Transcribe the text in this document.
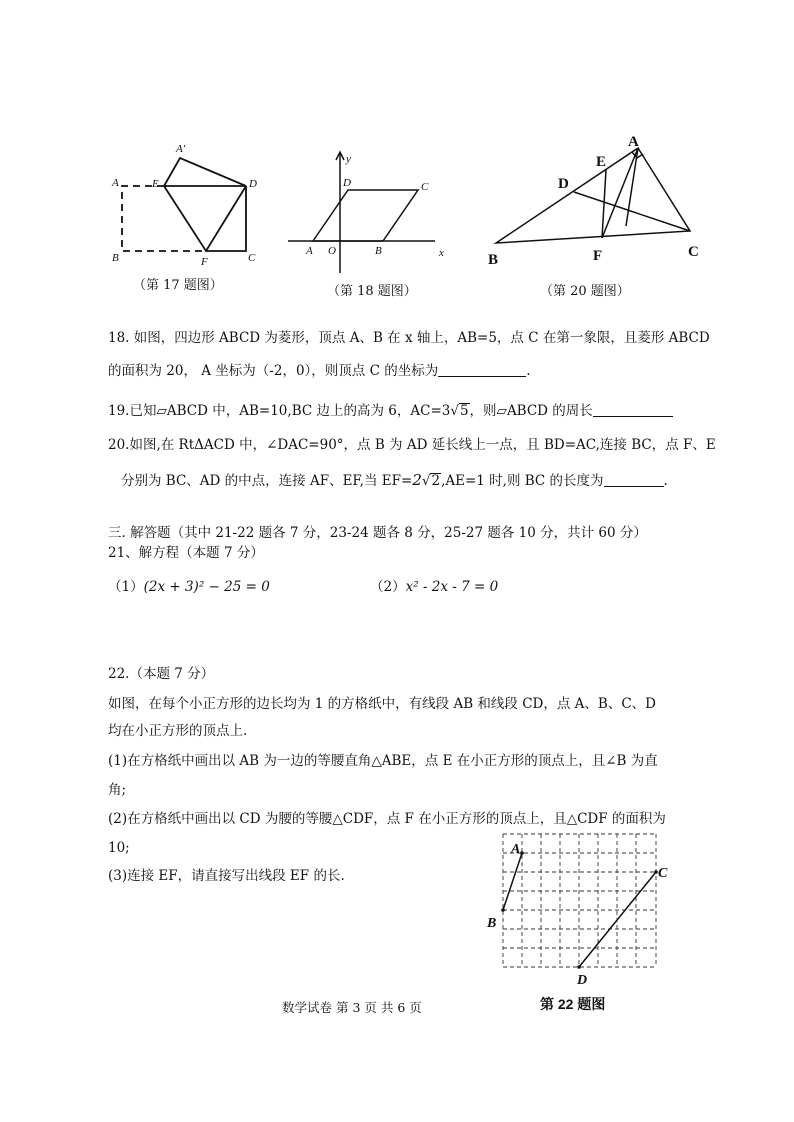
A'
A	E	D
B	F	C
（第 17 题图）
y
x
D	C
A O	B
（第 18 题图）
A
E
D
B	F	C
（第 20 题图）
18. 如图，四边形 ABCD 为菱形，顶点 A、B 在 x 轴上，AB=5，点 C 在第一象限，且菱形 ABCD
的面积为 20， A 坐标为（-2，0），则顶点 C 的坐标为	.
19.已知▱ABCD 中，AB=10,BC 边上的高为 6，AC=3√5，则▱ABCD 的周长
20.如图,在 RtΔACD 中，∠DAC=90°，点 B 为 AD 延长线上一点，且 BD=AC,连接 BC，点 F、E
分别为 BC、AD 的中点，连接 AF、EF,当 EF=2√2,AE=1 时,则 BC 的长度为	.
三. 解答题（其中 21-22 题各 7 分，23-24 题各 8 分，25-27 题各 10 分，共计 60 分）
21、解方程（本题 7 分）
（1）(2x + 3)² − 25 = 0	（2）x² - 2x - 7 = 0
22.（本题 7 分）
如图，在每个小正方形的边长均为 1 的方格纸中，有线段 AB 和线段 CD，点 A、B、C、D
均在小正方形的顶点上.
(1)在方格纸中画出以 AB 为一边的等腰直角△ABE，点 E 在小正方形的顶点上，且∠B 为直
角;
(2)在方格纸中画出以 CD 为腰的等腰△CDF，点 F 在小正方形的顶点上，且△CDF 的面积为
10;
(3)连接 EF，请直接写出线段 EF 的长.
A
B
C
D
第 22 题图
数学试卷 第 3 页 共 6 页
